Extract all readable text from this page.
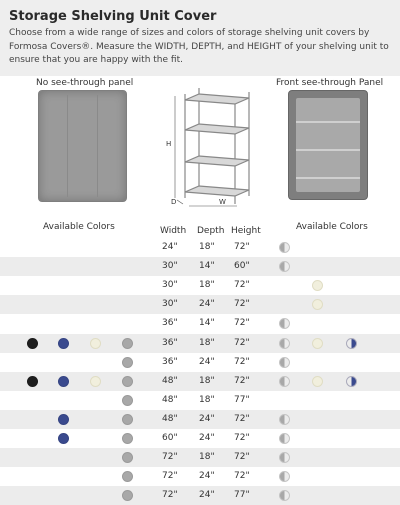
Storage Shelving Unit Cover
Choose from a wide range of sizes and colors of storage shelving unit covers by Formosa Covers®. Measure the WIDTH, DEPTH, and HEIGHT of your shelving unit to ensure that you are happy with the fit.
No see-through panel	Front see-through Panel
H
D	W
Available Colors	Available Colors
Width Depth Height
24" 18" 72"
30" 14" 60"
30" 18" 72"
30" 24" 72"
36" 14" 72"
36" 18" 72"
36" 24" 72"
48" 18" 72"
48" 18" 77"
48" 24" 72"
60" 24" 72"
72" 18" 72"
72" 24" 72"
72" 24" 77"
